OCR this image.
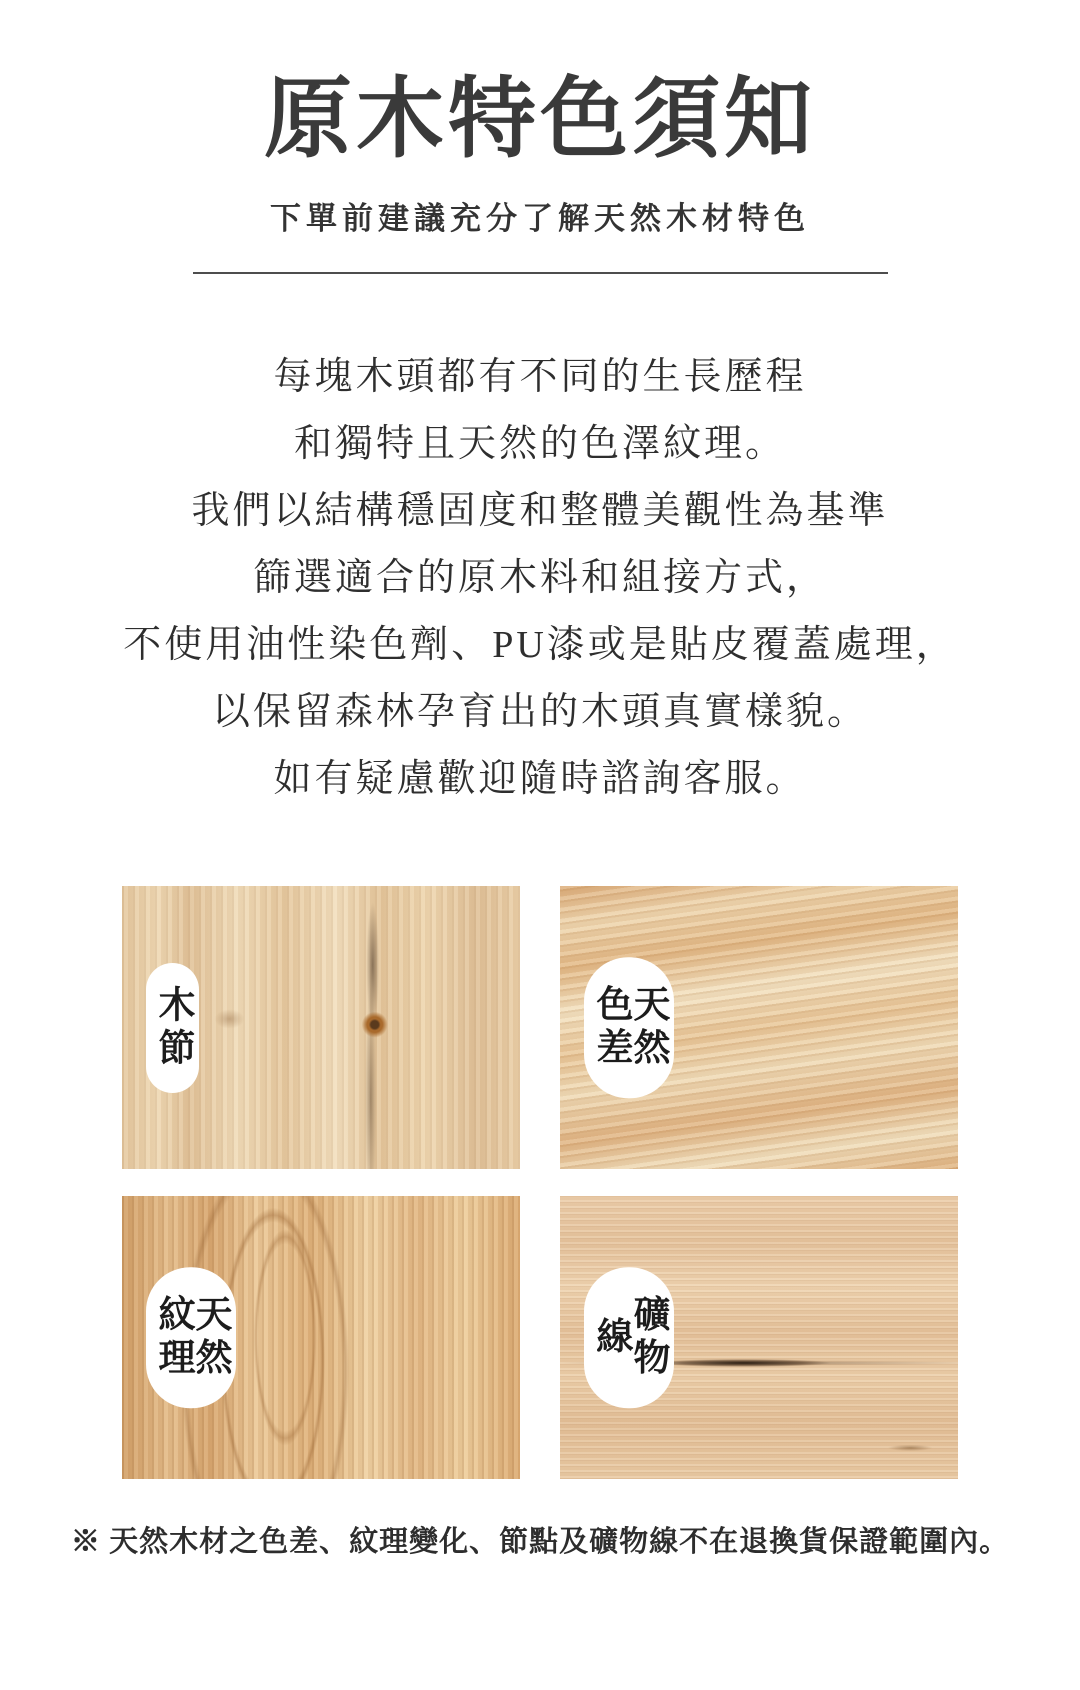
原木特色須知
下單前建議充分了解天然木材特色
每塊木頭都有不同的生長歷程
和獨特且天然的色澤紋理。
我們以結構穩固度和整體美觀性為基準
篩選適合的原木料和組接方式，
不使用油性染色劑、PU漆或是貼皮覆蓋處理，
以保留森林孕育出的木頭真實樣貌。
如有疑慮歡迎隨時諮詢客服。
木節	天然色差
天然紋理	礦物線
※ 天然木材之色差、紋理變化、節點及礦物線不在退換貨保證範圍內。
